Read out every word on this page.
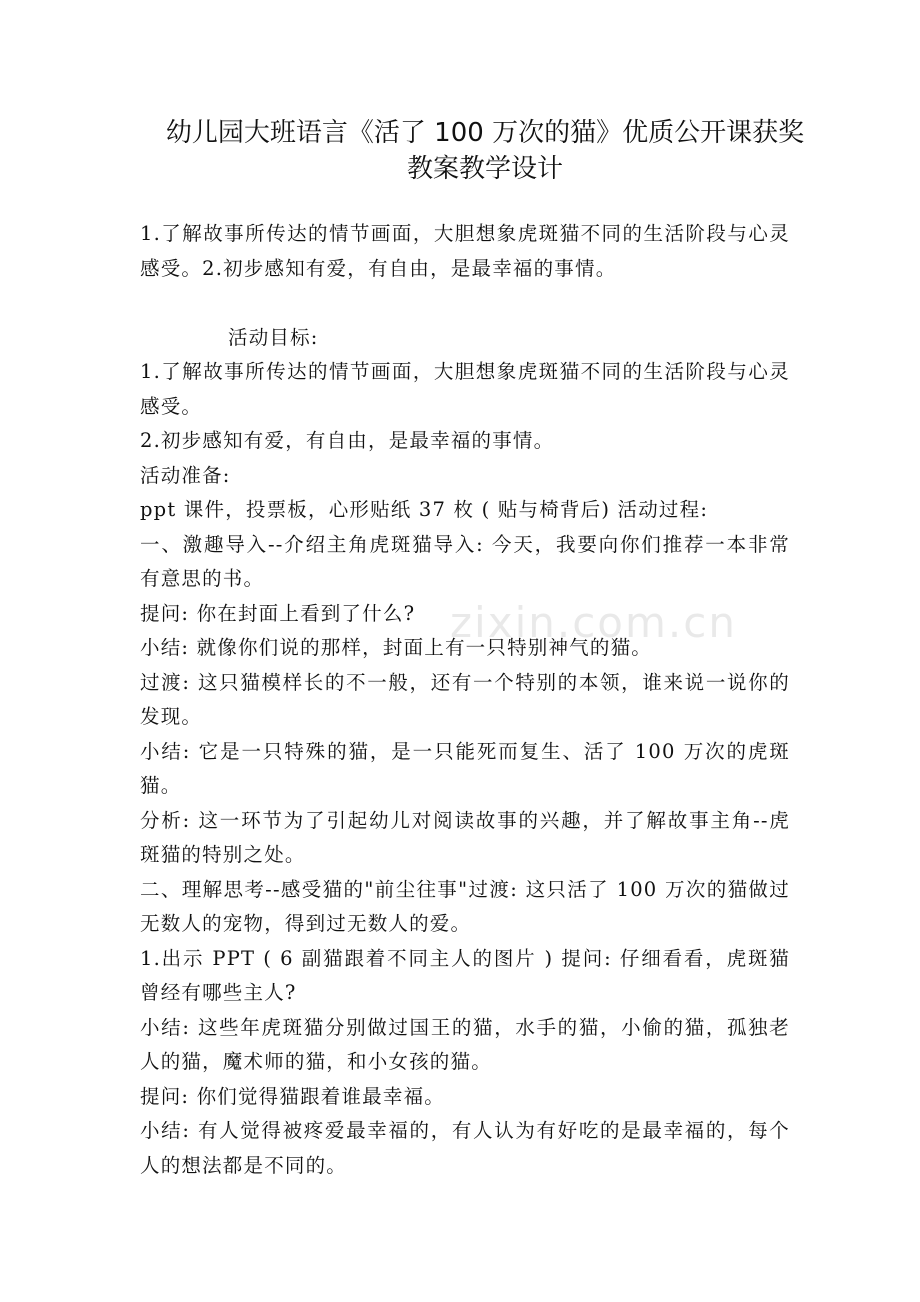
幼儿园大班语言《活了 100 万次的猫》优质公开课获奖
教案教学设计

1.了解故事所传达的情节画面，大胆想象虎斑猫不同的生活阶段与心灵感受。2.初步感知有爱，有自由，是最幸福的事情。

活动目标:

1.了解故事所传达的情节画面，大胆想象虎斑猫不同的生活阶段与心灵感受。

2.初步感知有爱，有自由，是最幸福的事情。

活动准备:

ppt 课件，投票板，心形贴纸 37 枚 ( 贴与椅背后) 活动过程:

一、激趣导入--介绍主角虎斑猫导入: 今天，我要向你们推荐一本非常有意思的书。

提问: 你在封面上看到了什么?

小结: 就像你们说的那样，封面上有一只特别神气的猫。

过渡: 这只猫模样长的不一般，还有一个特别的本领，谁来说一说你的发现。

小结: 它是一只特殊的猫，是一只能死而复生、活了 100 万次的虎斑猫。

分析: 这一环节为了引起幼儿对阅读故事的兴趣，并了解故事主角--虎斑猫的特别之处。

二、理解思考--感受猫的"前尘往事"过渡: 这只活了 100 万次的猫做过无数人的宠物，得到过无数人的爱。

1.出示 PPT ( 6 副猫跟着不同主人的图片 ) 提问: 仔细看看，虎斑猫曾经有哪些主人?

小结: 这些年虎斑猫分别做过国王的猫，水手的猫，小偷的猫，孤独老人的猫，魔术师的猫，和小女孩的猫。

提问: 你们觉得猫跟着谁最幸福。

小结: 有人觉得被疼爱最幸福的，有人认为有好吃的是最幸福的，每个人的想法都是不同的。

zixin.com.cn
